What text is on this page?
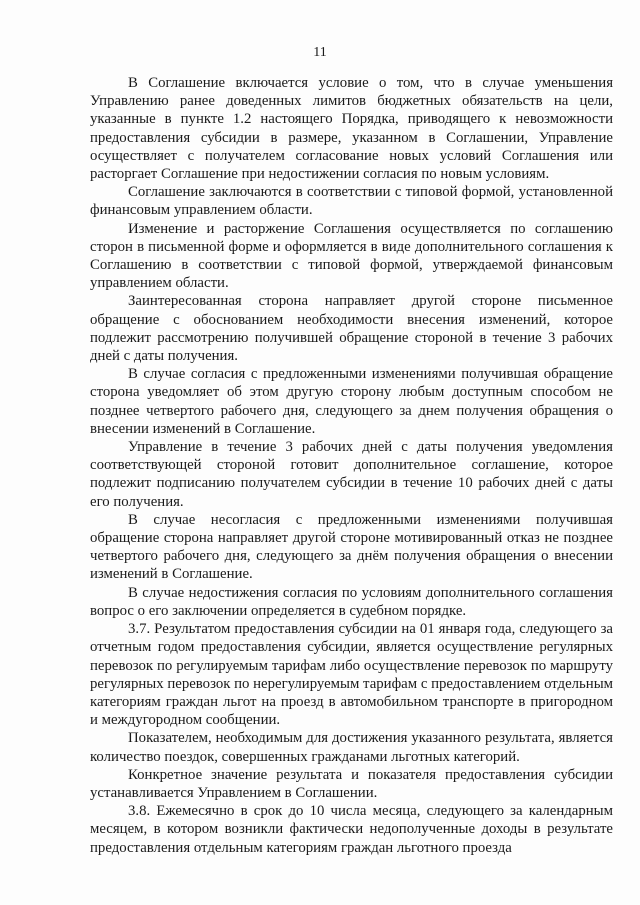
11

В Соглашение включается условие о том, что в случае уменьшения Управлению ранее доведенных лимитов бюджетных обязательств на цели, указанные в пункте 1.2 настоящего Порядка, приводящего к невозможности предоставления субсидии в размере, указанном в Соглашении, Управление осуществляет с получателем согласование новых условий Соглашения или расторгает Соглашение при недостижении согласия по новым условиям.

Соглашение заключаются в соответствии с типовой формой, установленной финансовым управлением области.

Изменение и расторжение Соглашения осуществляется по соглашению сторон в письменной форме и оформляется в виде дополнительного соглашения к Соглашению в соответствии с типовой формой, утверждаемой финансовым управлением области.

Заинтересованная сторона направляет другой стороне письменное обращение с обоснованием необходимости внесения изменений, которое подлежит рассмотрению получившей обращение стороной в течение 3 рабочих дней с даты получения.

В случае согласия с предложенными изменениями получившая обращение сторона уведомляет об этом другую сторону любым доступным способом не позднее четвертого рабочего дня, следующего за днем получения обращения о внесении изменений в Соглашение.

Управление в течение 3 рабочих дней с даты получения уведомления соответствующей стороной готовит дополнительное соглашение, которое подлежит подписанию получателем субсидии в течение 10 рабочих дней с даты его получения.

В случае несогласия с предложенными изменениями получившая обращение сторона направляет другой стороне мотивированный отказ не позднее четвертого рабочего дня, следующего за днём получения обращения о внесении изменений в Соглашение.

В случае недостижения согласия по условиям дополнительного соглашения вопрос о его заключении определяется в судебном порядке.

3.7. Результатом предоставления субсидии на 01 января года, следующего за отчетным годом предоставления субсидии, является осуществление регулярных перевозок по регулируемым тарифам либо осуществление перевозок по маршруту регулярных перевозок по нерегулируемым тарифам с предоставлением отдельным категориям граждан льгот на проезд в автомобильном транспорте в пригородном и междугородном сообщении.

Показателем, необходимым для достижения указанного результата, является количество поездок, совершенных гражданами льготных категорий.

Конкретное значение результата и показателя предоставления субсидии устанавливается Управлением в Соглашении.

3.8. Ежемесячно в срок до 10 числа месяца, следующего за календарным месяцем, в котором возникли фактически недополученные доходы в результате предоставления отдельным категориям граждан льготного проезда
